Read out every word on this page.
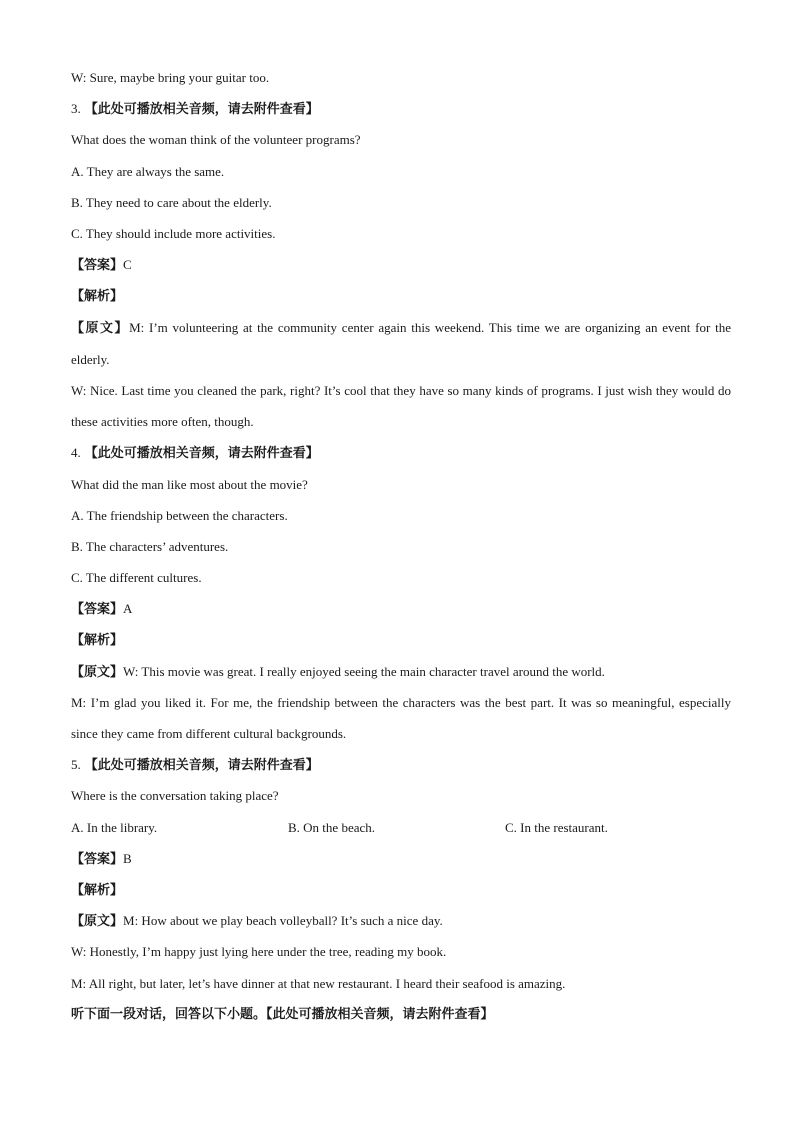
W: Sure, maybe bring your guitar too.
3. 【此处可播放相关音频，请去附件查看】
What does the woman think of the volunteer programs?
A. They are always the same.
B. They need to care about the elderly.
C. They should include more activities.
【答案】C
【解析】
【原文】M: I’m volunteering at the community center again this weekend. This time we are organizing an event for the elderly.
W: Nice. Last time you cleaned the park, right? It’s cool that they have so many kinds of programs. I just wish they would do these activities more often, though.
4. 【此处可播放相关音频，请去附件查看】
What did the man like most about the movie?
A. The friendship between the characters.
B. The characters’ adventures.
C. The different cultures.
【答案】A
【解析】
【原文】W: This movie was great. I really enjoyed seeing the main character travel around the world.
M: I’m glad you liked it. For me, the friendship between the characters was the best part. It was so meaningful, especially since they came from different cultural backgrounds.
5. 【此处可播放相关音频，请去附件查看】
Where is the conversation taking place?
A. In the library.	B. On the beach.	C. In the restaurant.
【答案】B
【解析】
【原文】M: How about we play beach volleyball? It’s such a nice day.
W: Honestly, I’m happy just lying here under the tree, reading my book.
M: All right, but later, let’s have dinner at that new restaurant. I heard their seafood is amazing.
听下面一段对话，回答以下小题。【此处可播放相关音频，请去附件查看】
